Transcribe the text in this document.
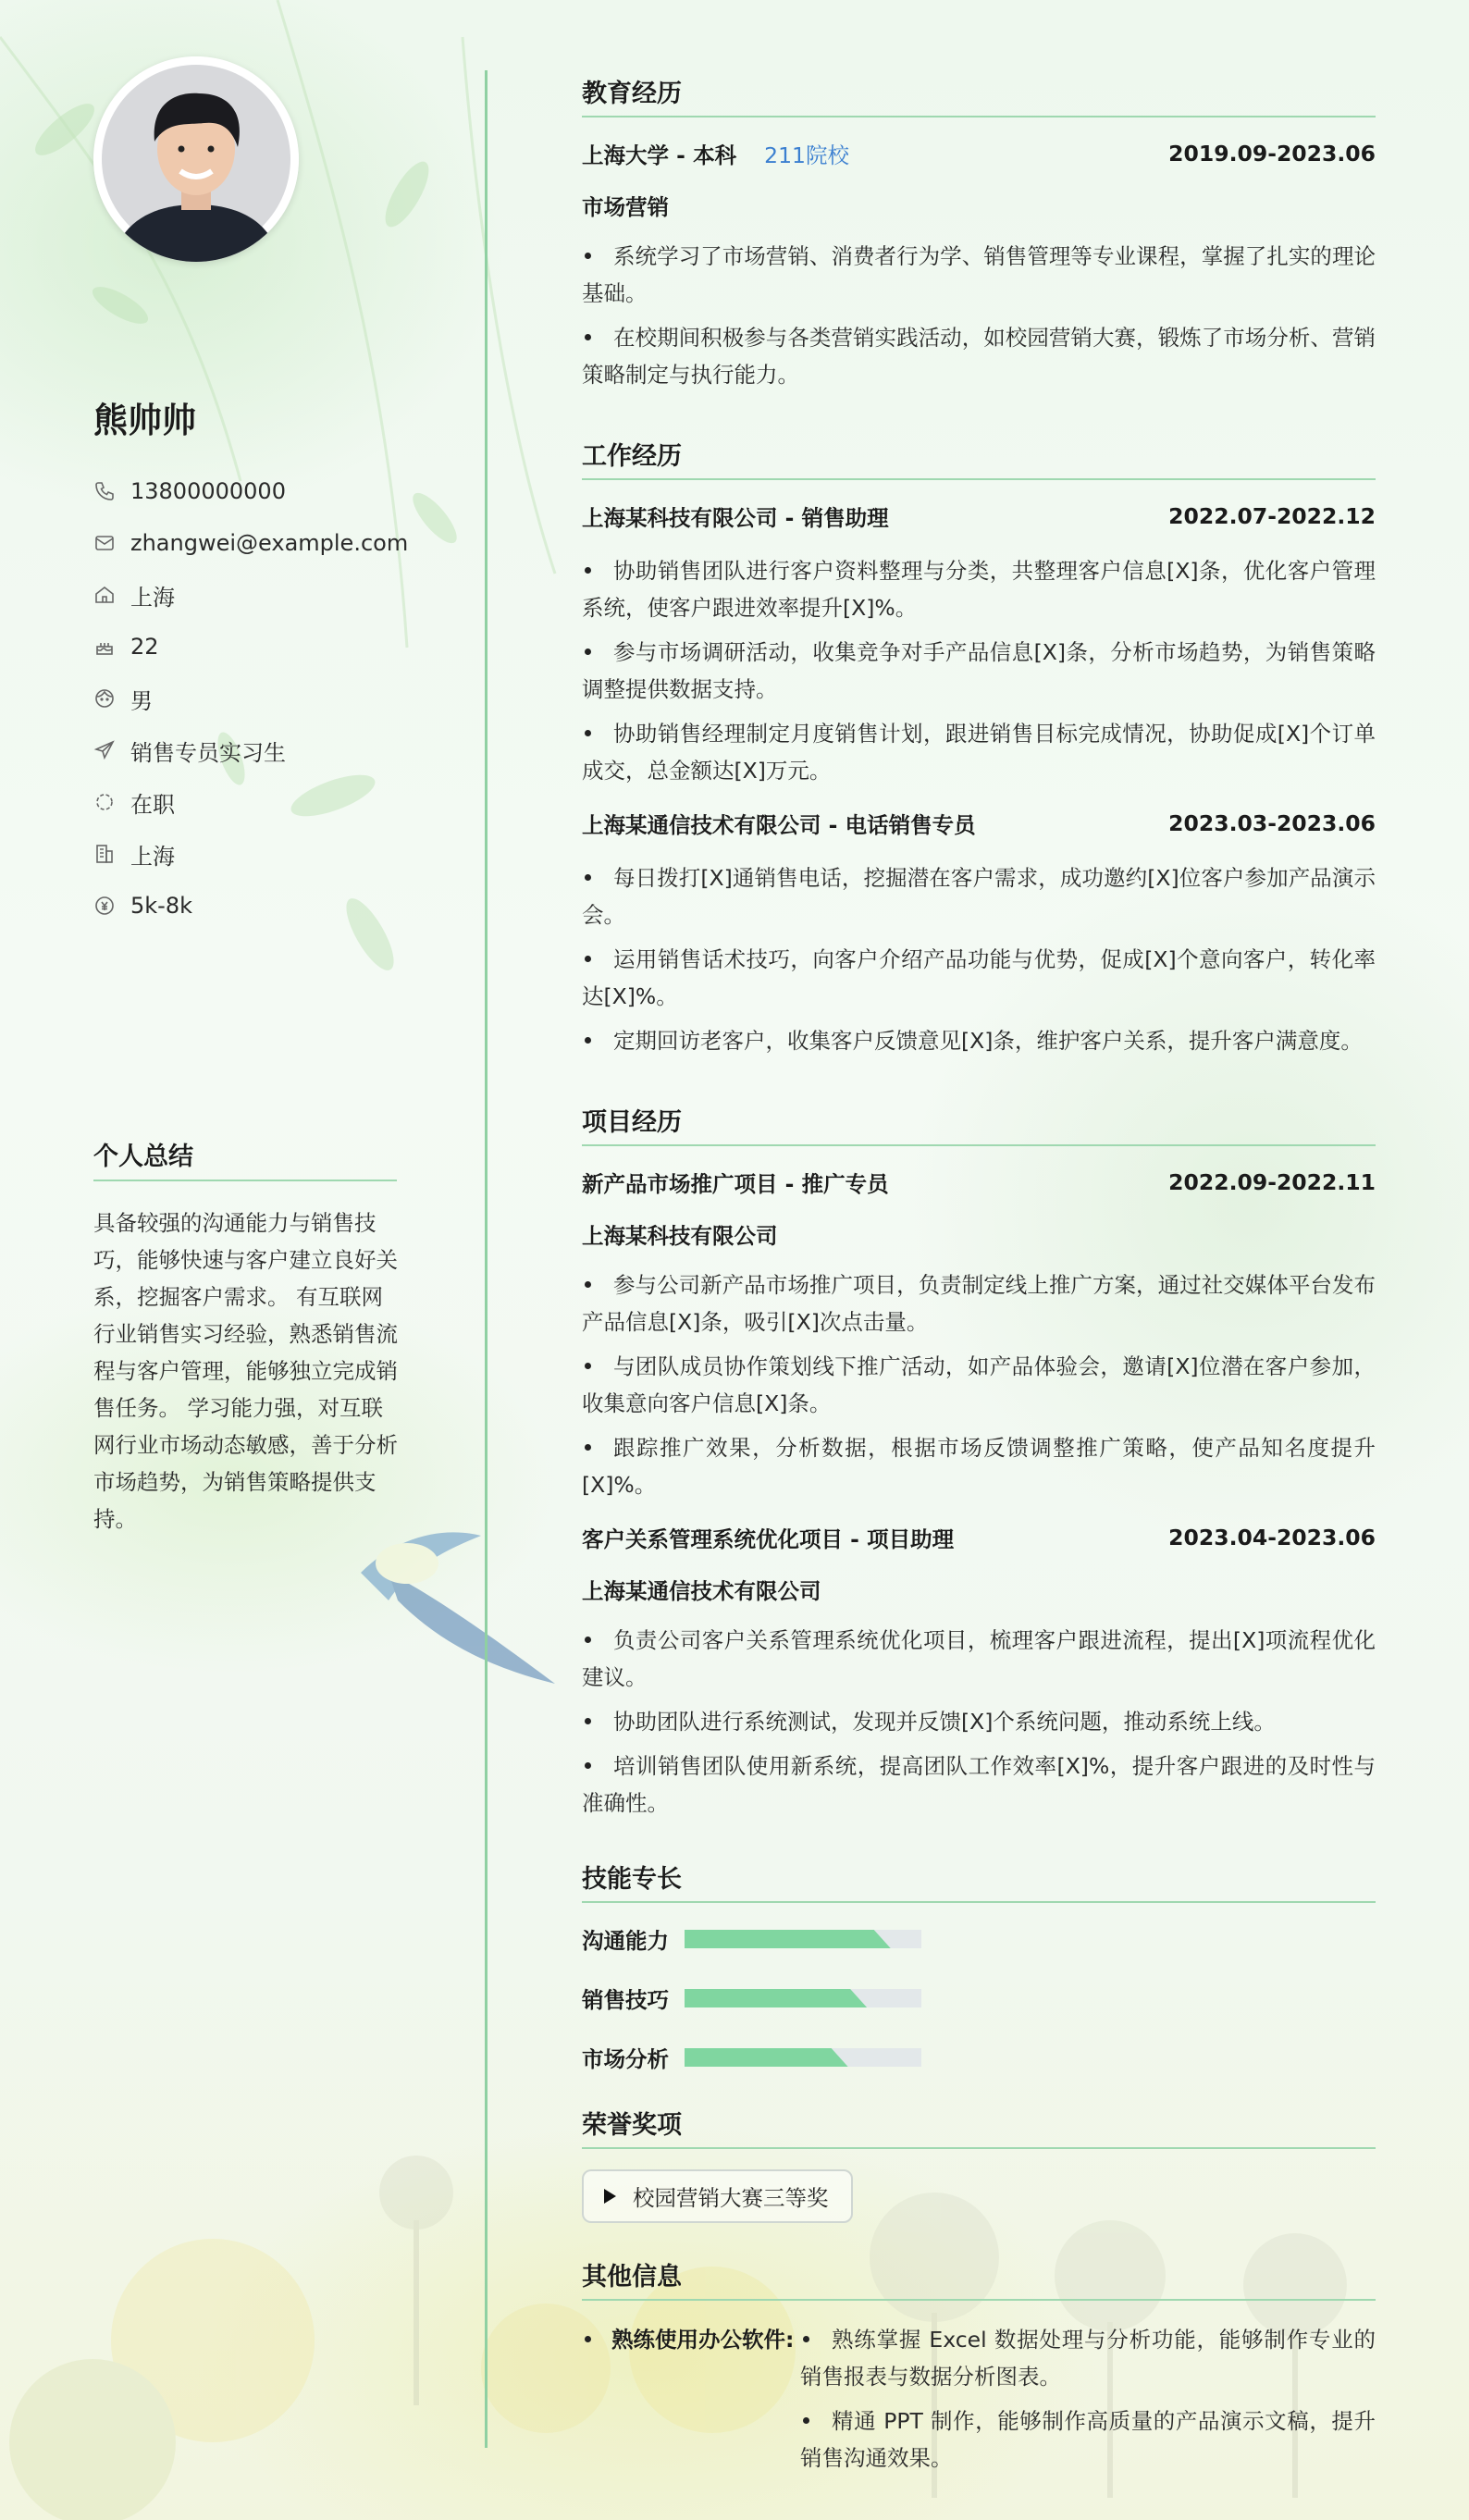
熊帅帅
13800000000
zhangwei@example.com
上海
22
男
销售专员实习生
在职
上海
5k-8k
个人总结
具备较强的沟通能力与销售技巧，能够快速与客户建立良好关系，挖掘客户需求。 有互联网行业销售实习经验，熟悉销售流程与客户管理，能够独立完成销售任务。 学习能力强，对互联网行业市场动态敏感，善于分析市场趋势，为销售策略提供支持。
教育经历
上海大学 - 本科 211院校	2019.09-2023.06
市场营销
系统学习了市场营销、消费者行为学、销售管理等专业课程，掌握了扎实的理论基础。
在校期间积极参与各类营销实践活动，如校园营销大赛，锻炼了市场分析、营销策略制定与执行能力。
工作经历
上海某科技有限公司 - 销售助理	2022.07-2022.12
协助销售团队进行客户资料整理与分类，共整理客户信息[X]条，优化客户管理系统，使客户跟进效率提升[X]%。
参与市场调研活动，收集竞争对手产品信息[X]条，分析市场趋势，为销售策略调整提供数据支持。
协助销售经理制定月度销售计划，跟进销售目标完成情况，协助促成[X]个订单成交，总金额达[X]万元。
上海某通信技术有限公司 - 电话销售专员	2023.03-2023.06
每日拨打[X]通销售电话，挖掘潜在客户需求，成功邀约[X]位客户参加产品演示会。
运用销售话术技巧，向客户介绍产品功能与优势，促成[X]个意向客户，转化率达[X]%。
定期回访老客户，收集客户反馈意见[X]条，维护客户关系，提升客户满意度。
项目经历
新产品市场推广项目 - 推广专员	2022.09-2022.11
上海某科技有限公司
参与公司新产品市场推广项目，负责制定线上推广方案，通过社交媒体平台发布产品信息[X]条，吸引[X]次点击量。
与团队成员协作策划线下推广活动，如产品体验会，邀请[X]位潜在客户参加，收集意向客户信息[X]条。
跟踪推广效果，分析数据，根据市场反馈调整推广策略，使产品知名度提升[X]%。
客户关系管理系统优化项目 - 项目助理	2023.04-2023.06
上海某通信技术有限公司
负责公司客户关系管理系统优化项目，梳理客户跟进流程，提出[X]项流程优化建议。
协助团队进行系统测试，发现并反馈[X]个系统问题，推动系统上线。
培训销售团队使用新系统，提高团队工作效率[X]%，提升客户跟进的及时性与准确性。
技能专长
沟通能力
销售技巧
市场分析
荣誉奖项
校园营销大赛三等奖
其他信息
熟练使用办公软件:	熟练掌握 Excel 数据处理与分析功能，能够制作专业的销售报表与数据分析图表。
精通 PPT 制作，能够制作高质量的产品演示文稿，提升销售沟通效果。
